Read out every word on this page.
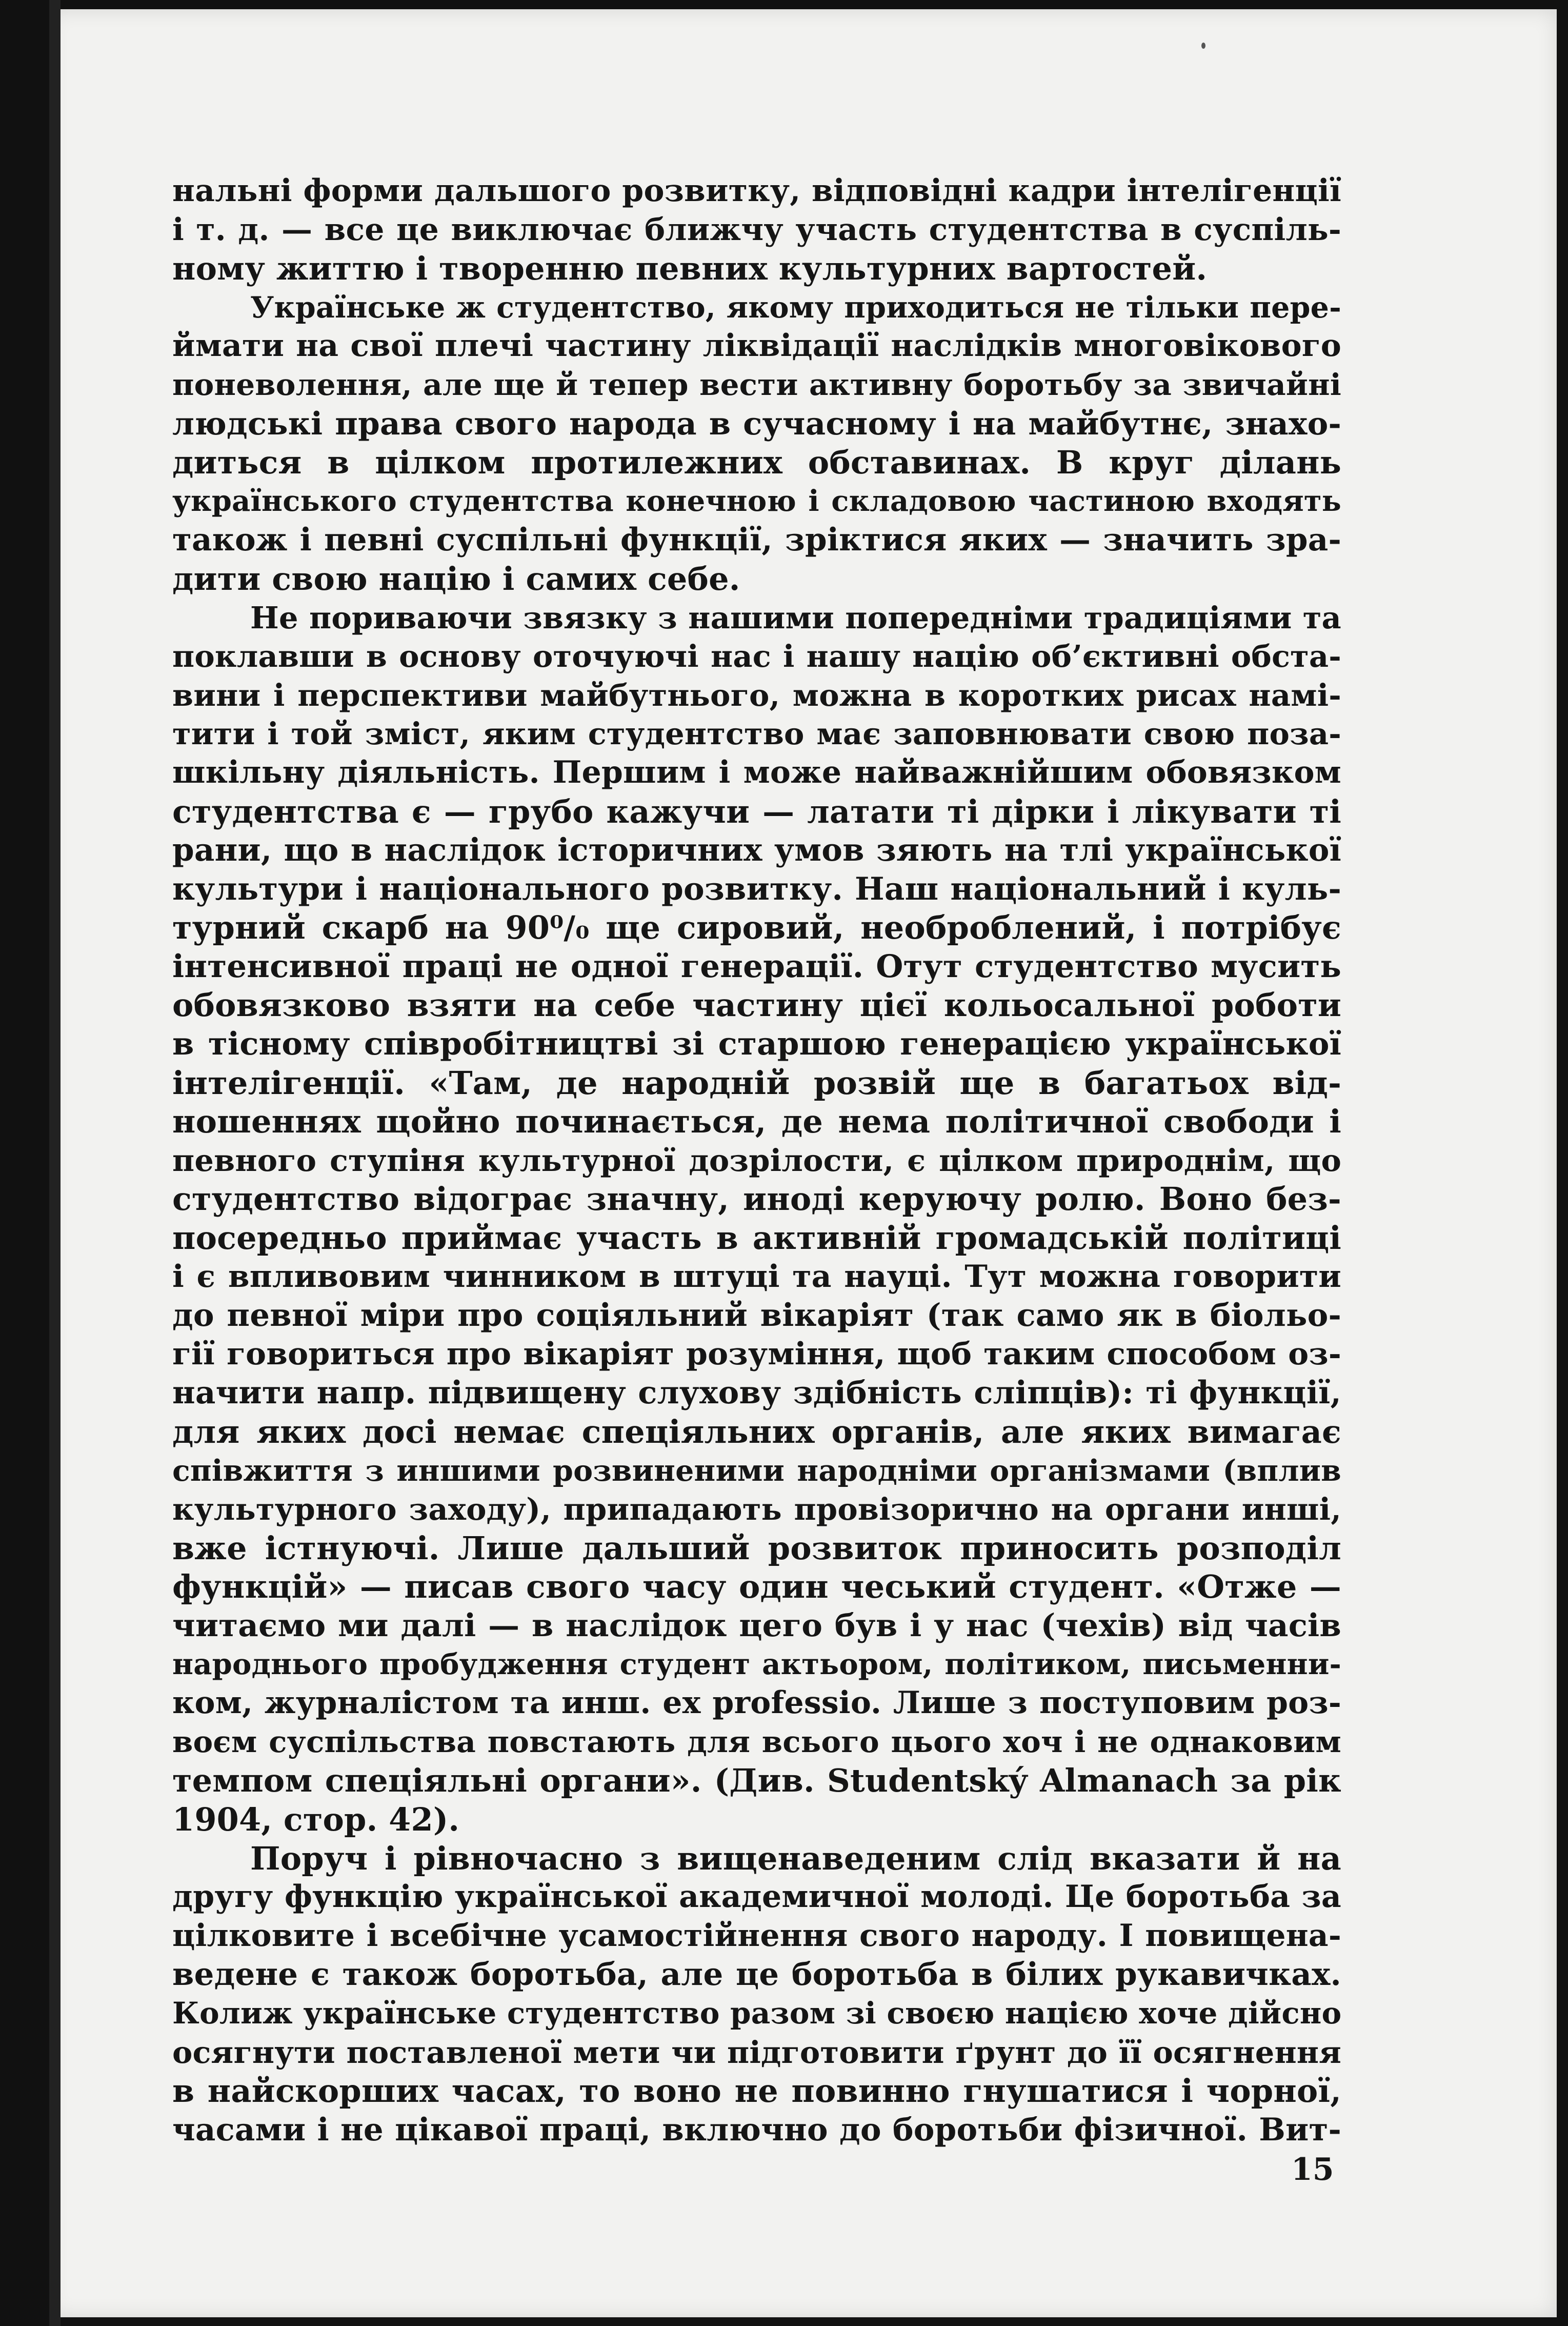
нальні форми дальшого розвитку, відповідні кадри інтелігенції
і т. д. — все це виключає ближчу участь студентства в суспіль-
ному життю і творенню певних культурних вартостей.
Українське ж студентство, якому приходиться не тільки пере-
ймати на свої плечі частину ліквідації наслідків многовікового
поневолення, але ще й тепер вести активну боротьбу за звичайні
людські права свого народа в сучасному і на майбутнє, знахо-
диться в цілком протилежних обставинах. В круг ділань
українського студентства конечною і складовою частиною входять
також і певні суспільні функції, зріктися яких — значить зра-
дити свою націю і самих себе.
Не пориваючи звязку з нашими попередніми традиціями та
поклавши в основу оточуючі нас і нашу націю об’єктивні обста-
вини і перспективи майбутнього, можна в коротких рисах намі-
тити і той зміст, яким студентство має заповнювати свою поза-
шкільну діяльність. Першим і може найважнійшим обовязком
студентства є — грубо кажучи — латати ті дірки і лікувати ті
рани, що в наслідок історичних умов зяють на тлі української
культури і національного розвитку. Наш національний і куль-
турний скарб на 90⁰/₀ ще сировий, необроблений, і потрібує
інтенсивної праці не одної генерації. Отут студентство мусить
обовязково взяти на себе частину цієї кольосальної роботи
в тісному співробітництві зі старшою генерацією української
інтелігенції. «Там, де народній розвій ще в багатьох від-
ношеннях щойно починається, де нема політичної свободи і
певного ступіня культурної дозрілости, є цілком природнім, що
студентство відограє значну, иноді керуючу ролю. Воно без-
посередньо приймає участь в активній громадській політиці
і є впливовим чинником в штуці та науці. Тут можна говорити
до певної міри про соціяльний вікаріят (так само як в біольо-
гії говориться про вікаріят розуміння, щоб таким способом оз-
начити напр. підвищену слухову здібність сліпців): ті функції,
для яких досі немає спеціяльних органів, але яких вимагає
співжиття з иншими розвиненими народніми організмами (вплив
культурного заходу), припадають провізорично на органи инші,
вже істнуючі. Лише дальший розвиток приносить розподіл
функцій» — писав свого часу один чеський студент. «Отже —
читаємо ми далі — в наслідок цего був і у нас (чехів) від часів
народнього пробудження студент актьором, політиком, письменни-
ком, журналістом та инш. ex professio. Лише з поступовим роз-
воєм суспільства повстають для всього цього хоч і не однаковим
темпом спеціяльні органи». (Див. Studentský Almanach за рік
1904, стор. 42).
Поруч і рівночасно з вищенаведеним слід вказати й на
другу функцію української академичної молоді. Це боротьба за
цілковите і всебічне усамостійнення свого народу. І повищена-
ведене є також боротьба, але це боротьба в білих рукавичках.
Колиж українське студентство разом зі своєю нацією хоче дійсно
осягнути поставленої мети чи підготовити ґрунт до її осягнення
в найскорших часах, то воно не повинно гнушатися і чорної,
часами і не цікавої праці, включно до боротьби фізичної. Вит-
15
